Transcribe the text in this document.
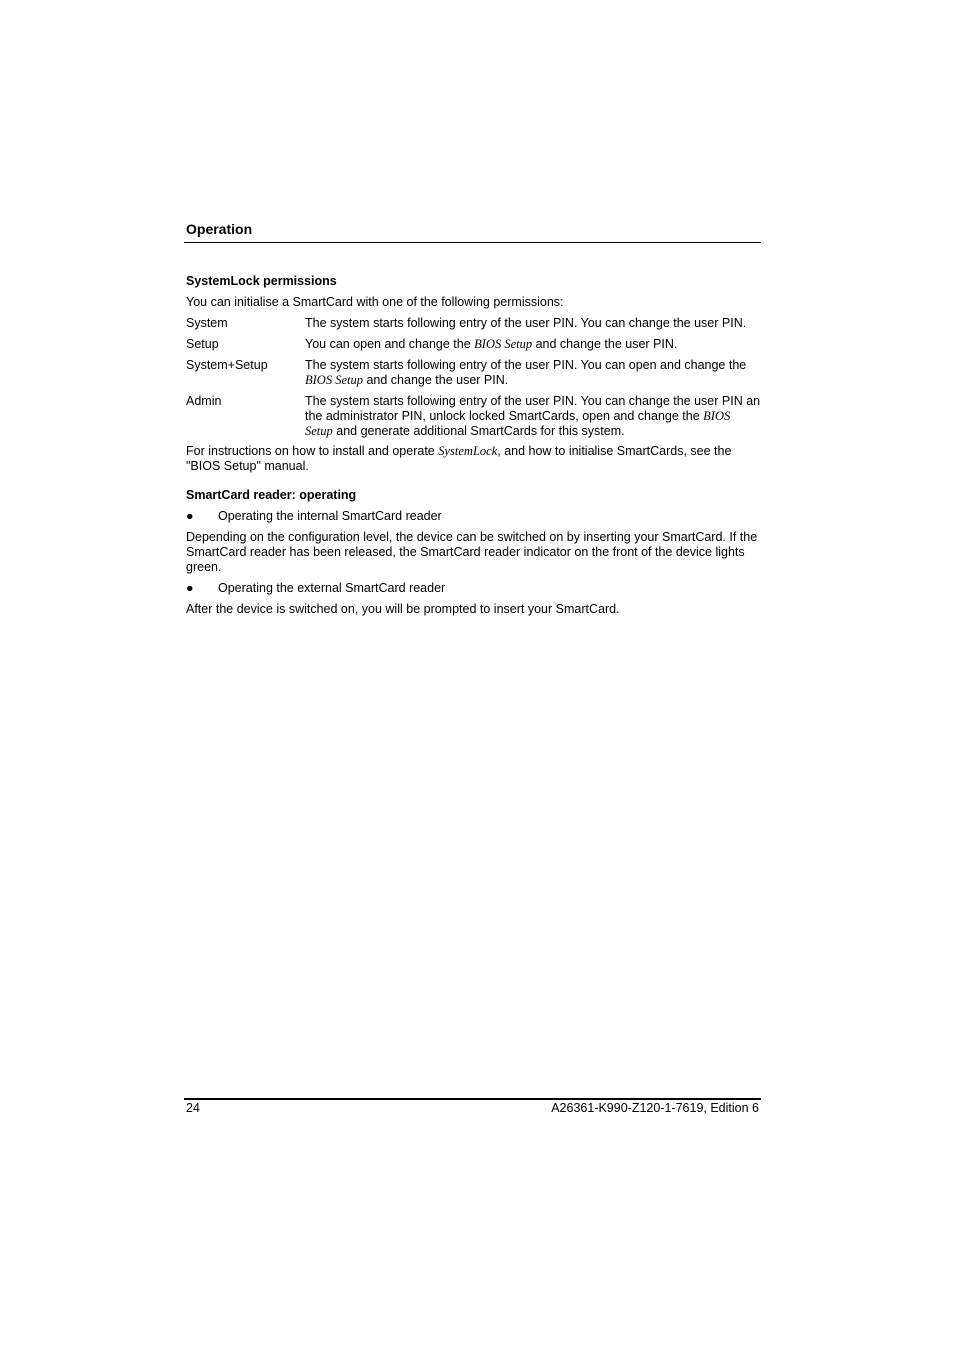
Operation
SystemLock permissions

You can initialise a SmartCard with one of the following permissions:

System	The system starts following entry of the user PIN. You can change the user PIN.
Setup	You can open and change the BIOS Setup and change the user PIN.
System+Setup	The system starts following entry of the user PIN. You can open and change the BIOS Setup and change the user PIN.
Admin	The system starts following entry of the user PIN. You can change the user PIN an the administrator PIN, unlock locked SmartCards, open and change the BIOS Setup and generate additional SmartCards for this system.

For instructions on how to install and operate SystemLock, and how to initialise SmartCards, see the "BIOS Setup" manual.

SmartCard reader: operating
●	Operating the internal SmartCard reader

Depending on the configuration level, the device can be switched on by inserting your SmartCard. If the SmartCard reader has been released, the SmartCard reader indicator on the front of the device lights green.

●	Operating the external SmartCard reader

After the device is switched on, you will be prompted to insert your SmartCard.

24	A26361-K990-Z120-1-7619, Edition 6
